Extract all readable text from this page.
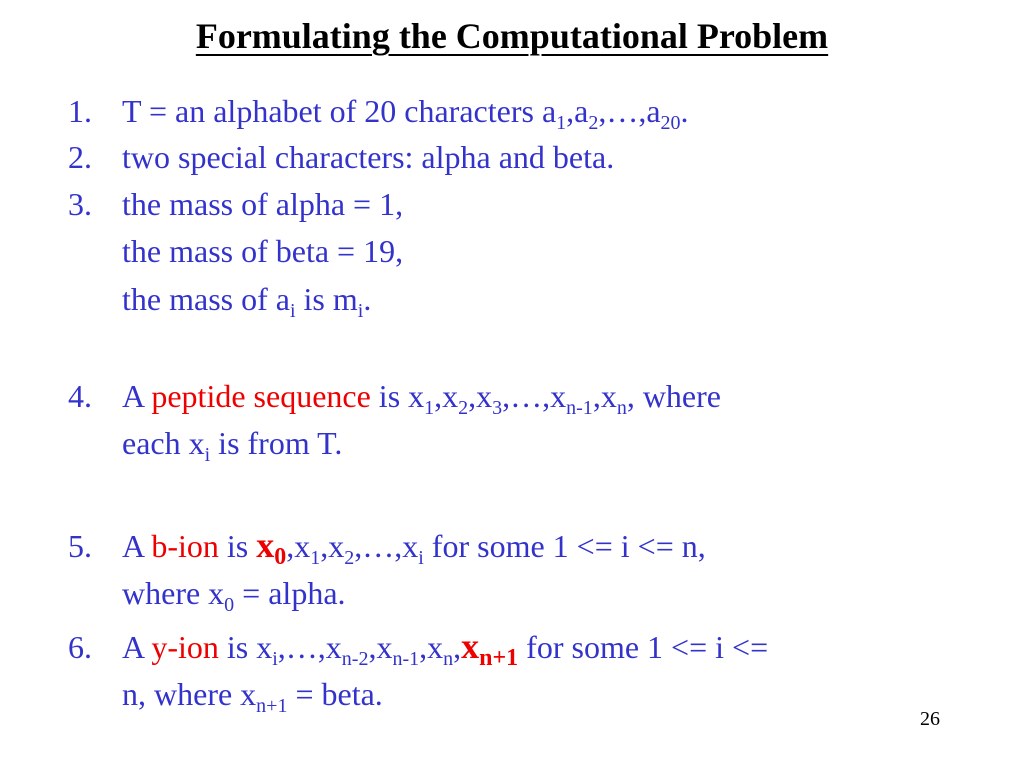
Formulating the Computational Problem
1. T = an alphabet of 20 characters $a_1,a_2,\dots,a_{20}$.
2. two special characters: alpha and beta.
3. the mass of alpha = 1,
the mass of beta = 19,
the mass of $a_i$ is $m_i$.
4. A peptide sequence is $x_1,x_2,x_3,\dots,x_{n-1},x_n$, where
each $x_i$ is from T.
5. A b-ion is $x_0,x_1,x_2,\dots,x_i$ for some 1 <= i <= n,
where $x_0$ = alpha.
6. A y-ion is $x_i,\dots,x_{n-2},x_{n-1},x_n,x_{n+1}$ for some 1 <= i <=
n, where $x_{n+1}$ = beta.
26
